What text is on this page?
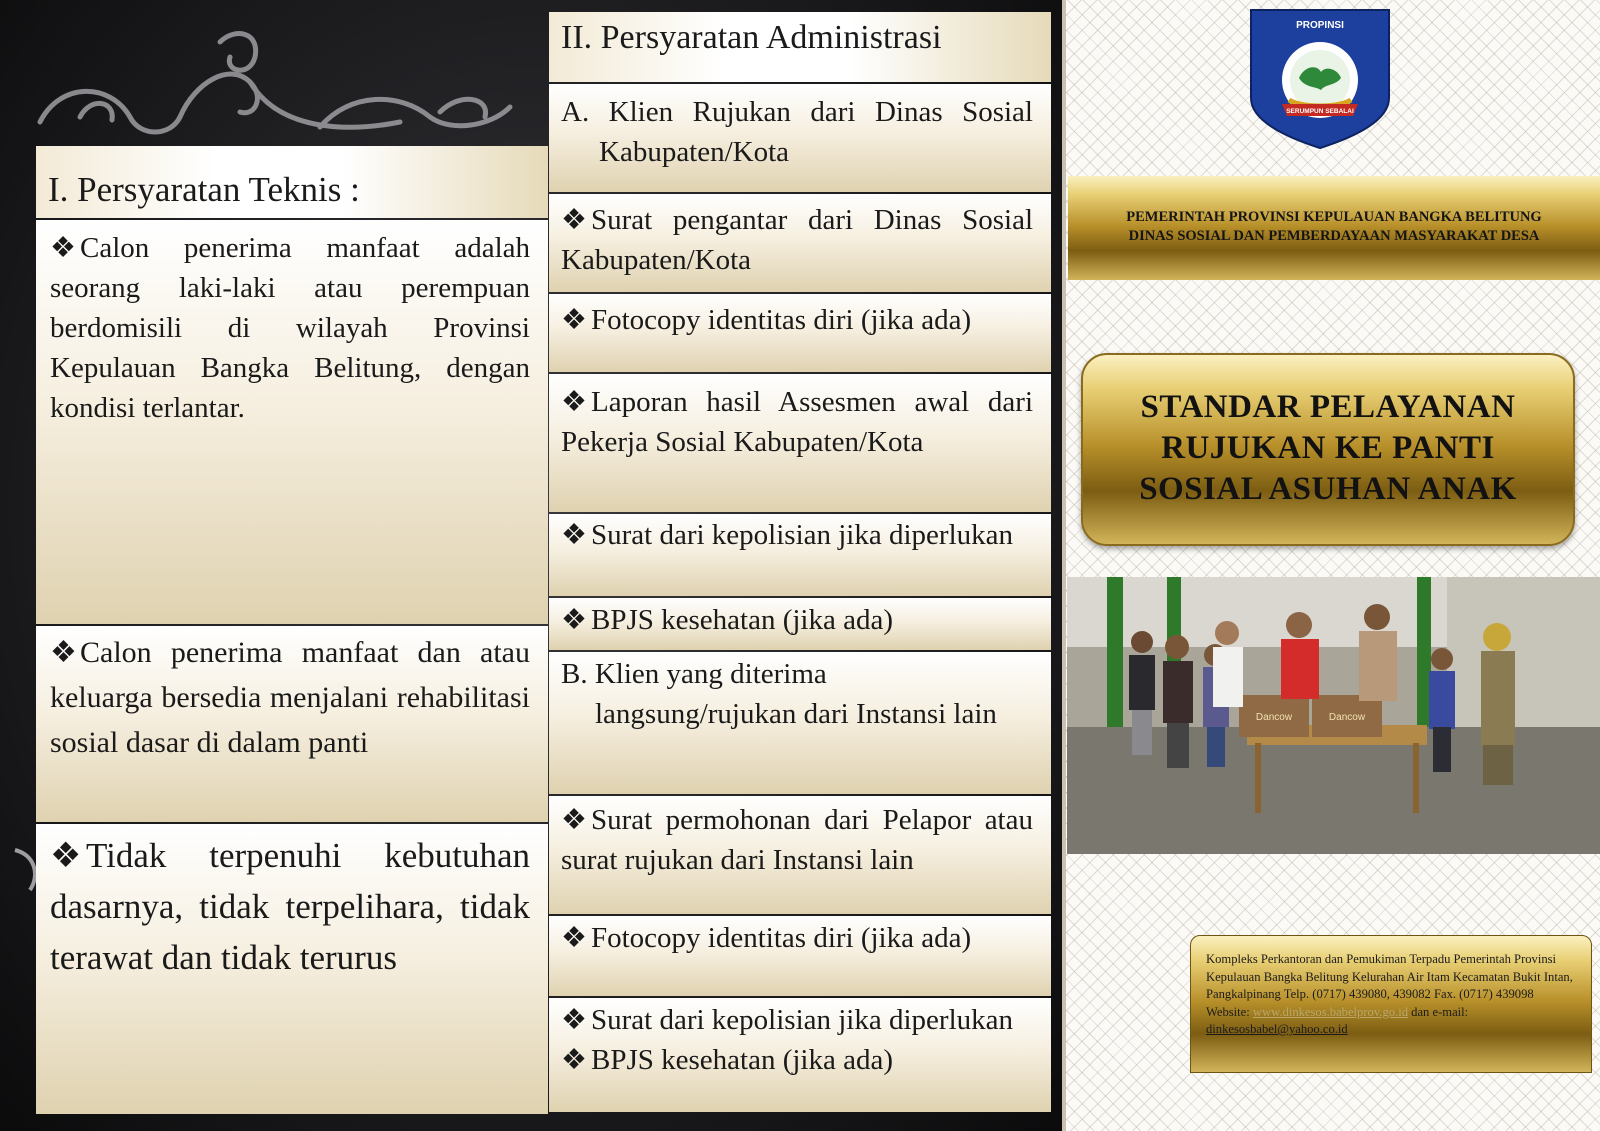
I. Persyaratan Teknis :
❖ Calon penerima manfaat adalah seorang laki-laki atau perempuan berdomisili di wilayah Provinsi Kepulauan Bangka Belitung, dengan kondisi terlantar.
❖ Calon penerima manfaat dan atau keluarga bersedia menjalani rehabilitasi sosial dasar di dalam panti
❖ Tidak terpenuhi kebutuhan dasarnya, tidak terpelihara, tidak terawat dan tidak terurus
II. Persyaratan Administrasi
A. Klien Rujukan dari Dinas Sosial Kabupaten/Kota
❖ Surat pengantar dari Dinas Sosial Kabupaten/Kota
❖ Fotocopy identitas diri (jika ada)
❖ Laporan hasil Assesmen awal dari Pekerja Sosial Kabupaten/Kota
❖ Surat dari kepolisian jika diperlukan
❖ BPJS kesehatan (jika ada)
B. Klien yang diterima langsung/rujukan dari Instansi lain
❖ Surat permohonan dari Pelapor atau surat rujukan dari Instansi lain
❖ Fotocopy identitas diri (jika ada)
❖ Surat dari kepolisian jika diperlukan
❖ BPJS kesehatan (jika ada)
PROPINSI
SERUMPUN SEBALAI
PEMERINTAH PROVINSI KEPULAUAN BANGKA BELITUNG
DINAS SOSIAL DAN PEMBERDAYAAN MASYARAKAT DESA
STANDAR PELAYANAN
RUJUKAN KE PANTI
SOSIAL ASUHAN ANAK
Dancow	Dancow
Kompleks Perkantoran dan Pemukiman Terpadu Pemerintah Provinsi Kepulauan Bangka Belitung Kelurahan Air Itam Kecamatan Bukit Intan, Pangkalpinang Telp. (0717) 439080, 439082 Fax. (0717) 439098 Website: www.dinkesos.babelprov.go.id dan e-mail: dinkesosbabel@yahoo.co.id
